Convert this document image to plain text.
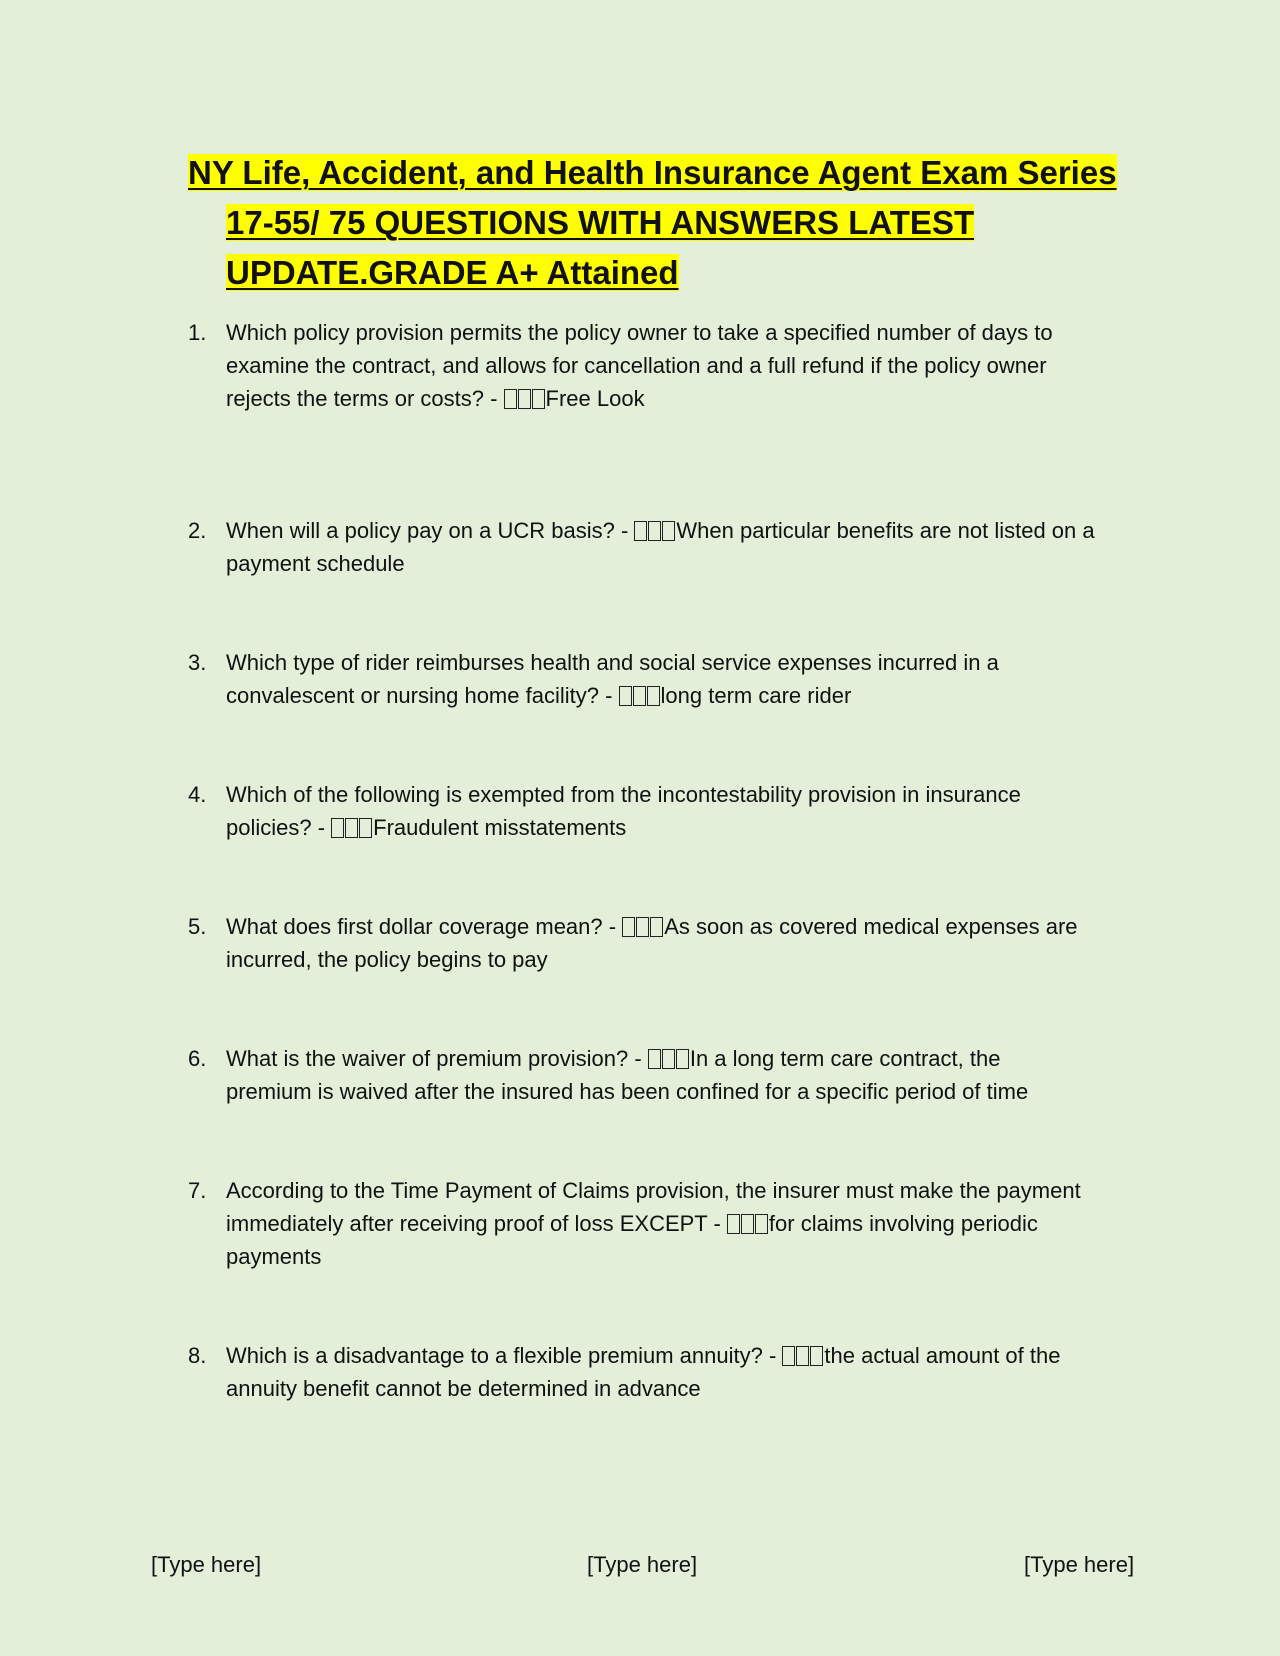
NY Life, Accident, and Health Insurance Agent Exam Series
17-55/ 75 QUESTIONS WITH ANSWERS LATEST
UPDATE.GRADE A+ Attained
1. Which policy provision permits the policy owner to take a specified number of days to
examine the contract, and allows for cancellation and a full refund if the policy owner
rejects the terms or costs? - Free Look
2. When will a policy pay on a UCR basis? - When particular benefits are not listed on a
payment schedule
3. Which type of rider reimburses health and social service expenses incurred in a
convalescent or nursing home facility? - long term care rider
4. Which of the following is exempted from the incontestability provision in insurance
policies? - Fraudulent misstatements
5. What does first dollar coverage mean? - As soon as covered medical expenses are
incurred, the policy begins to pay
6. What is the waiver of premium provision? - In a long term care contract, the
premium is waived after the insured has been confined for a specific period of time
7. According to the Time Payment of Claims provision, the insurer must make the payment
immediately after receiving proof of loss EXCEPT - for claims involving periodic
payments
8. Which is a disadvantage to a flexible premium annuity? - the actual amount of the
annuity benefit cannot be determined in advance
[Type here]	[Type here]	[Type here]
